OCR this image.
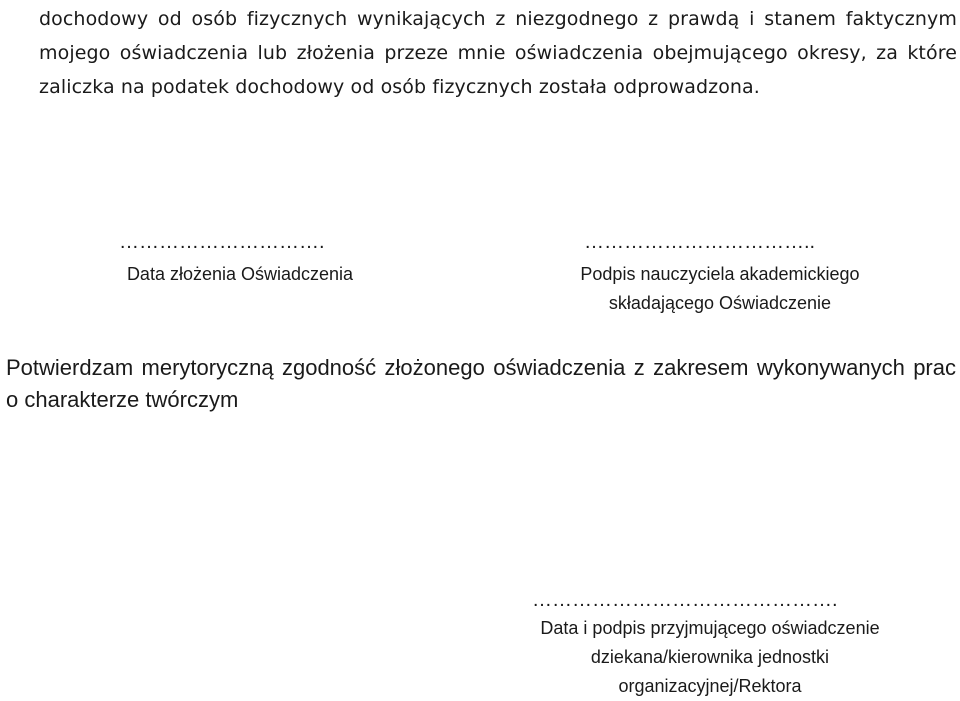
dochodowy od osób fizycznych wynikających z niezgodnego z prawdą i stanem faktycznym mojego oświadczenia lub złożenia przeze mnie oświadczenia obejmującego okresy, za które zaliczka na podatek dochodowy od osób fizycznych została odprowadzona.
………………………….
Data złożenia Oświadczenia
……………………………..
Podpis nauczyciela akademickiego
składającego Oświadczenie
Potwierdzam merytoryczną zgodność złożonego oświadczenia z zakresem wykonywanych prac o charakterze twórczym
……………………………………….
Data i podpis przyjmującego oświadczenie
dziekana/kierownika jednostki
organizacyjnej/Rektora
